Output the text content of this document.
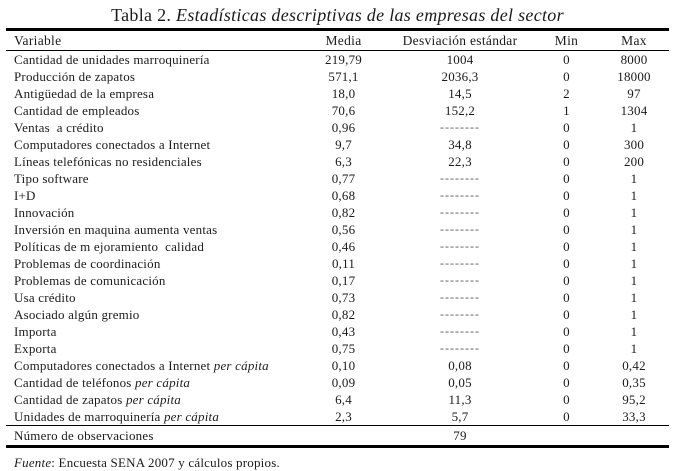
Tabla 2. Estadísticas descriptivas de las empresas del sector
Variable	Media	Desviación estándar	Min	Max
Cantidad de unidades marroquinería	219,79	1004	0	8000
Producción de zapatos	571,1	2036,3	0	18000
Antigüedad de la empresa	18,0	14,5	2	97
Cantidad de empleados	70,6	152,2	1	1304
Ventas  a crédito	0,96	--------	0	1
Computadores conectados a Internet	9,7	34,8	0	300
Líneas telefónicas no residenciales	6,3	22,3	0	200
Tipo software	0,77	--------	0	1
I+D	0,68	--------	0	1
Innovación	0,82	--------	0	1
Inversión en maquina aumenta ventas	0,56	--------	0	1
Políticas de m ejoramiento  calidad	0,46	--------	0	1
Problemas de coordinación	0,11	--------	0	1
Problemas de comunicación	0,17	--------	0	1
Usa crédito	0,73	--------	0	1
Asociado algún gremio	0,82	--------	0	1
Importa	0,43	--------	0	1
Exporta	0,75	--------	0	1
Computadores conectados a Internet per cápita	0,10	0,08	0	0,42
Cantidad de teléfonos per cápita	0,09	0,05	0	0,35
Cantidad de zapatos per cápita	6,4	11,3	0	95,2
Unidades de marroquinería per cápita	2,3	5,7	0	33,3
Número de observaciones		79		
Fuente: Encuesta SENA 2007 y cálculos propios.
